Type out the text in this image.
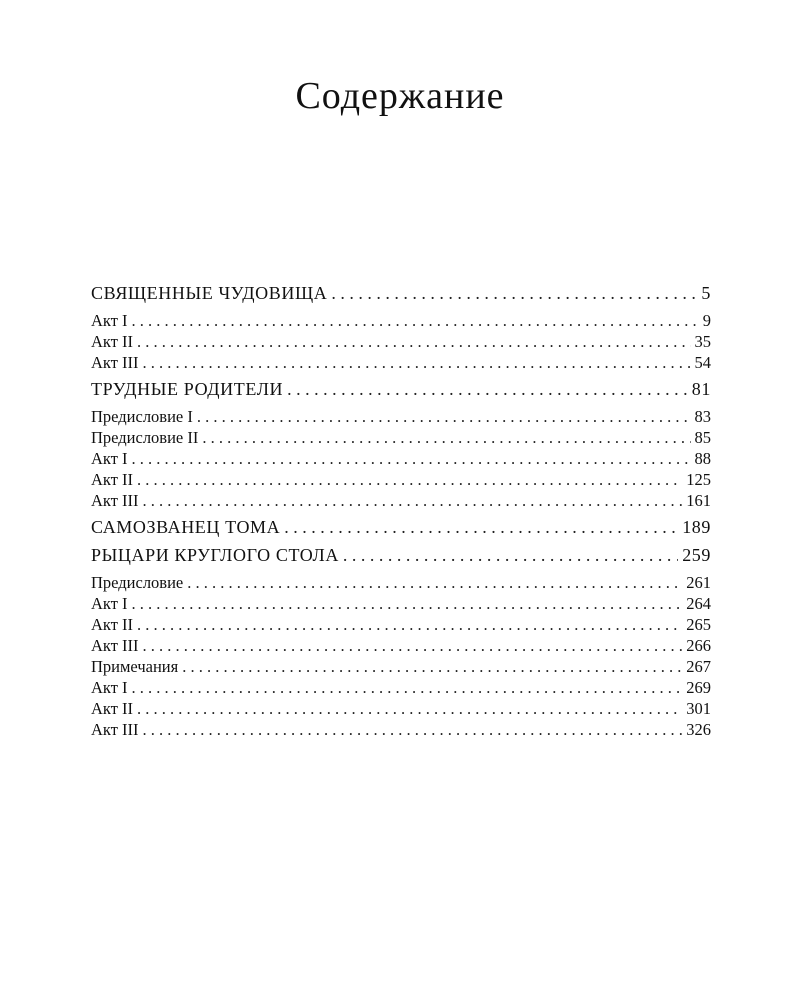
Содержание
СВЯЩЕННЫЕ ЧУДОВИЩА . . .	5
Акт I . . .	9
Акт II . . .	35
Акт III . . .	54
ТРУДНЫЕ РОДИТЕЛИ . . .	81
Предисловие I . . .	83
Предисловие II . . .	85
Акт I . . .	88
Акт II . . .	125
Акт III . . .	161
САМОЗВАНЕЦ ТОМА . . .	189
РЫЦАРИ КРУГЛОГО СТОЛА . . .	259
Предисловие . . .	261
Акт I . . .	264
Акт II . . .	265
Акт III . . .	266
Примечания . . .	267
Акт I . . .	269
Акт II . . .	301
Акт III . . .	326
